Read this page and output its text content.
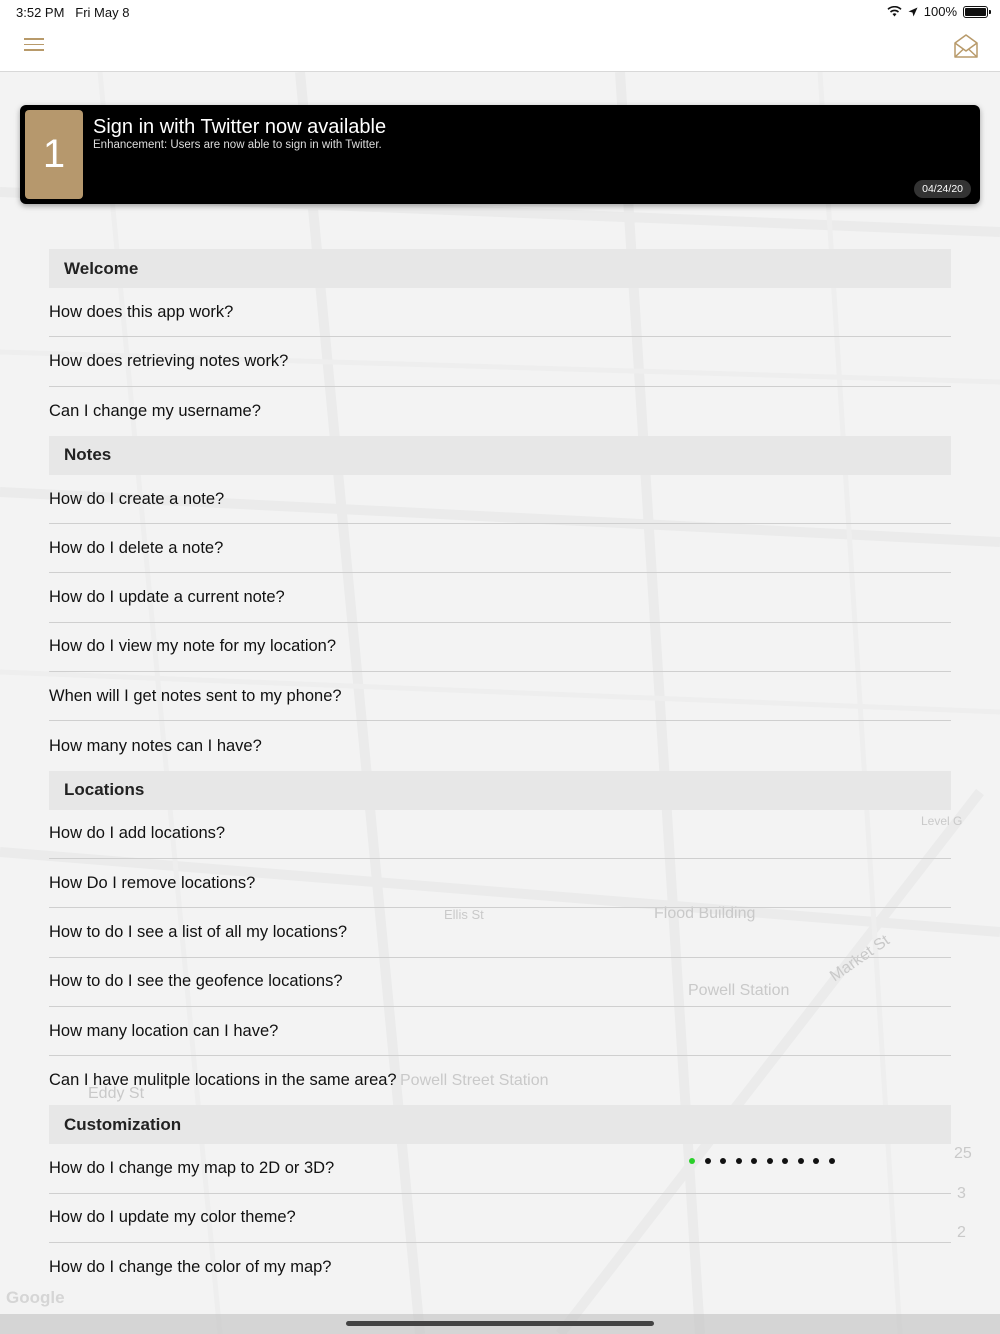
Flood Building
Powell Station
Market St
Ellis St
Powell Street Station
Eddy St
Level G
25
3
2
3:52 PM Fri May 8	100%
1
Sign in with Twitter now available
Enhancement: Users are now able to sign in with Twitter.
04/24/20
Welcome
How does this app work?
How does retrieving notes work?
Can I change my username?
Notes
How do I create a note?
How do I delete a note?
How do I update a current note?
How do I view my note for my location?
When will I get notes sent to my phone?
How many notes can I have?
Locations
How do I add locations?
How Do I remove locations?
How to do I see a list of all my locations?
How to do I see the geofence locations?
How many location can I have?
Can I have mulitple locations in the same area?
Customization
How do I change my map to 2D or 3D?
How do I update my color theme?
How do I change the color of my map?
Google
